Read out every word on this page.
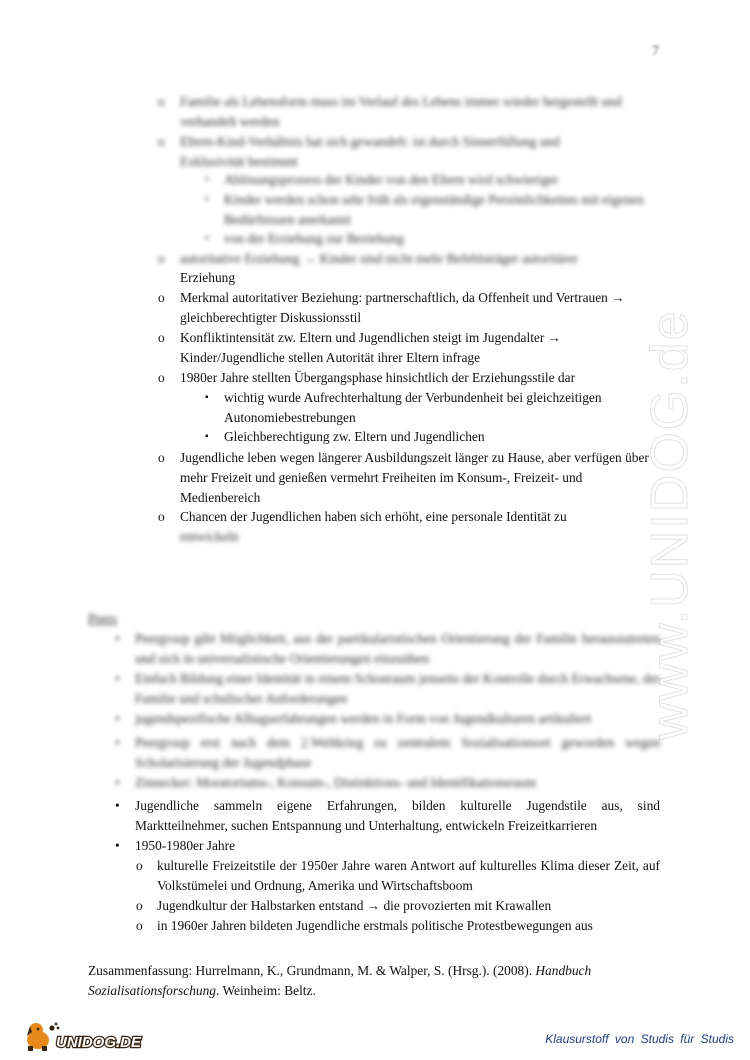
7
www.UNIDOG.de
Peers
o Familie als Lebensform muss im Verlauf des Lebens immer wieder hergestellt und verhandelt werden
o Eltern-Kind-Verhältnis hat sich gewandelt: ist durch Sinnerfüllung und Exklusivität bestimmt
▪ Ablösungsprozess der Kinder von den Eltern wird schwieriger
▪ Kinder werden schon sehr früh als eigenständige Persönlichkeiten mit eigenen Bedürfnissen anerkannt
▪ von der Erziehung zur Beziehung
o autoritative Erziehung → Kinder sind nicht mehr Befehlsträger autoritärer
Erziehung
o Merkmal autoritativer Beziehung: partnerschaftlich, da Offenheit und Vertrauen → gleichberechtigter Diskussionsstil
o Konfliktintensität zw. Eltern und Jugendlichen steigt im Jugendalter → Kinder/Jugendliche stellen Autorität ihrer Eltern infrage
o 1980er Jahre stellten Übergangsphase hinsichtlich der Erziehungsstile dar
▪ wichtig wurde Aufrechterhaltung der Verbundenheit bei gleichzeitigen Autonomiebestrebungen
▪ Gleichberechtigung zw. Eltern und Jugendlichen
o Jugendliche leben wegen längerer Ausbildungszeit länger zu Hause, aber verfügen über mehr Freizeit und genießen vermehrt Freiheiten im Konsum-, Freizeit- und Medienbereich
o Chancen der Jugendlichen haben sich erhöht, eine personale Identität zu
entwickeln
• Peergroup gibt Möglichkeit, aus der partikularistischen Orientierung der Familie herauszutreten und sich in universalistische Orientierungen einzuüben
• Einfach Bildung einer Identität in einem Schonraum jenseits der Kontrolle durch Erwachsene, der Familie und schulischer Anforderungen
• jugendspezifische Alltagserfahrungen werden in Form von Jugendkulturen artikuliert
• Peergroup erst nach dem 2.Weltkrieg zu zentralem Sozialisationsort geworden wegen Scholarisierung der Jugendphase
• Zinnecker: Moratoriums-, Konsum-, Distinktions- und Identifikationsraum
• Jugendliche sammeln eigene Erfahrungen, bilden kulturelle Jugendstile aus, sind Marktteilnehmer, suchen Entspannung und Unterhaltung, entwickeln Freizeitkarrieren
• 1950-1980er Jahre
o kulturelle Freizeitstile der 1950er Jahre waren Antwort auf kulturelles Klima dieser Zeit, auf Volkstümelei und Ordnung, Amerika und Wirtschaftsboom
o Jugendkultur der Halbstarken entstand → die provozierten mit Krawallen
o in 1960er Jahren bildeten Jugendliche erstmals politische Protestbewegungen aus
Zusammenfassung: Hurrelmann, K., Grundmann, M. & Walper, S. (Hrsg.). (2008). Handbuch Sozialisationsforschung. Weinheim: Beltz.
UNIDOG.DE	Klausurstoff von Studis für Studis
